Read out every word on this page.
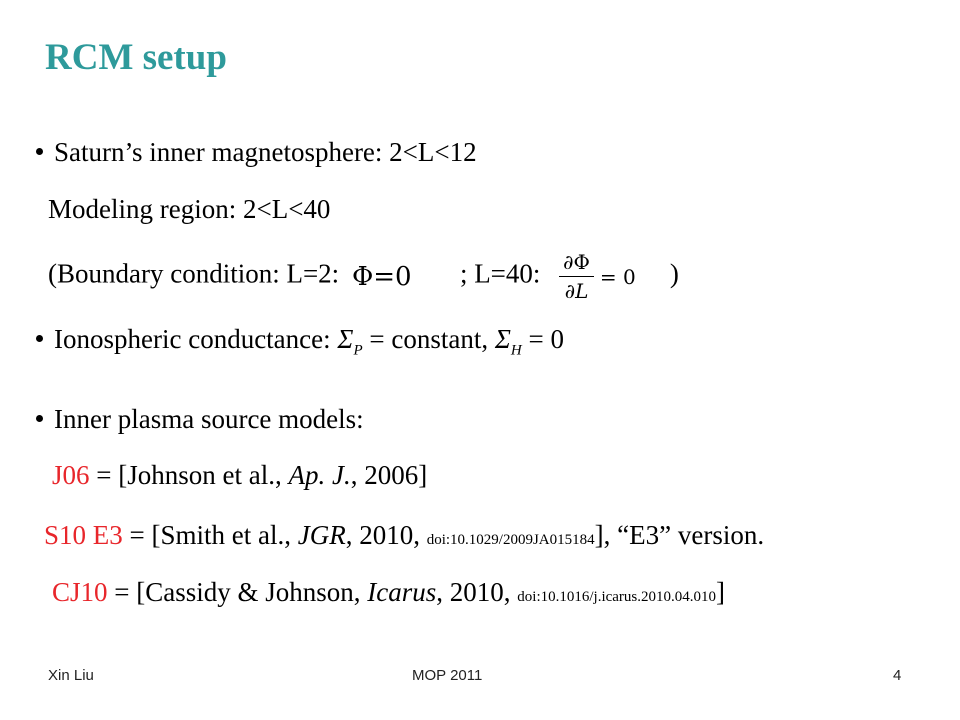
RCM setup
Saturn’s inner magnetosphere: 2<L<12
Modeling region: 2<L<40
(Boundary condition: L=2: Φ=0 ; L=40: $\frac{\partial\Phi}{\partial L} = 0$ )
Ionospheric conductance: $\Sigma_P$ = constant, $\Sigma_H = 0$
Inner plasma source models:
J06 = [Johnson et al., Ap. J., 2006]
S10 E3 = [Smith et al., JGR, 2010, doi:10.1029/2009JA015184], “E3” version.
CJ10 = [Cassidy & Johnson, Icarus, 2010, doi:10.1016/j.icarus.2010.04.010]
Xin Liu	MOP 2011	4
